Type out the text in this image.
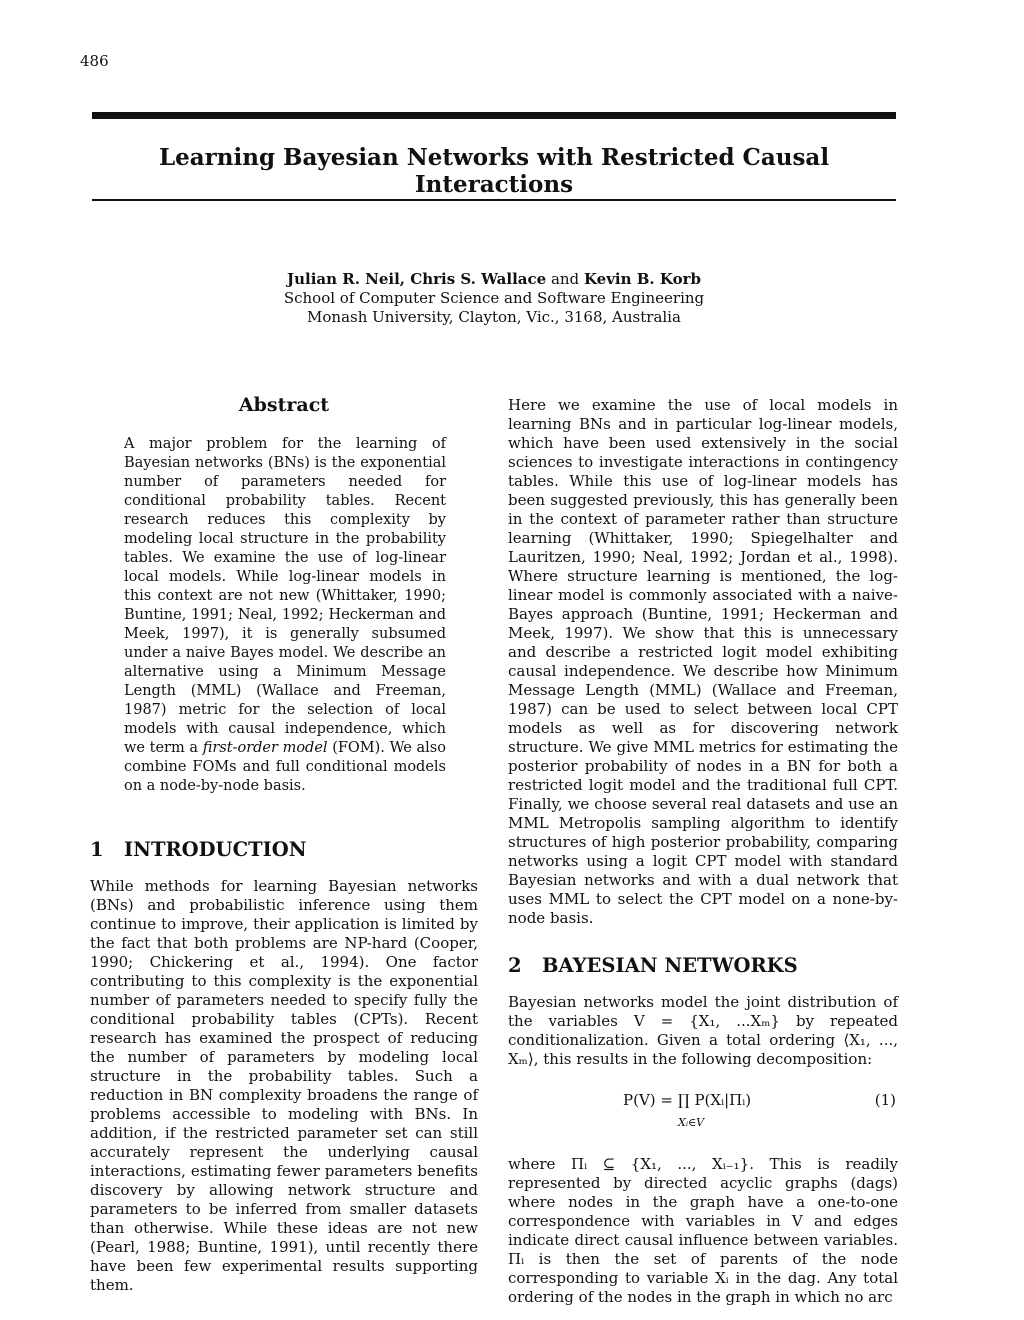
486
Learning Bayesian Networks with Restricted Causal Interactions
Julian R. Neil, Chris S. Wallace and Kevin B. Korb
School of Computer Science and Software Engineering
Monash University, Clayton, Vic., 3168, Australia
Abstract

A major problem for the learning of Bayesian networks (BNs) is the exponential number of parameters needed for conditional probability tables. Recent research reduces this complexity by modeling local structure in the probability tables. We examine the use of log-linear local models. While log-linear models in this context are not new (Whittaker, 1990; Buntine, 1991; Neal, 1992; Heckerman and Meek, 1997), it is generally subsumed under a naive Bayes model. We describe an alternative using a Minimum Message Length (MML) (Wallace and Freeman, 1987) metric for the selection of local models with causal independence, which we term a first-order model (FOM). We also combine FOMs and full conditional models on a node-by-node basis.

1 INTRODUCTION

While methods for learning Bayesian networks (BNs) and probabilistic inference using them continue to improve, their application is limited by the fact that both problems are NP-hard (Cooper, 1990; Chickering et al., 1994). One factor contributing to this complexity is the exponential number of parameters needed to specify fully the conditional probability tables (CPTs). Recent research has examined the prospect of reducing the number of parameters by modeling local structure in the probability tables. Such a reduction in BN complexity broadens the range of problems accessible to modeling with BNs. In addition, if the restricted parameter set can still accurately represent the underlying causal interactions, estimating fewer parameters benefits discovery by allowing network structure and parameters to be inferred from smaller datasets than otherwise. While these ideas are not new (Pearl, 1988; Buntine, 1991), until recently there have been few experimental results supporting them.

Here we examine the use of local models in learning BNs and in particular log-linear models, which have been used extensively in the social sciences to investigate interactions in contingency tables. While this use of log-linear models has been suggested previously, this has generally been in the context of parameter rather than structure learning (Whittaker, 1990; Spiegelhalter and Lauritzen, 1990; Neal, 1992; Jordan et al., 1998). Where structure learning is mentioned, the log-linear model is commonly associated with a naive-Bayes approach (Buntine, 1991; Heckerman and Meek, 1997). We show that this is unnecessary and describe a restricted logit model exhibiting causal independence. We describe how Minimum Message Length (MML) (Wallace and Freeman, 1987) can be used to select between local CPT models as well as for discovering network structure. We give MML metrics for estimating the posterior probability of nodes in a BN for both a restricted logit model and the traditional full CPT. Finally, we choose several real datasets and use an MML Metropolis sampling algorithm to identify structures of high posterior probability, comparing networks using a logit CPT model with standard Bayesian networks and with a dual network that uses MML to select the CPT model on a none-by-node basis.

2 BAYESIAN NETWORKS

Bayesian networks model the joint distribution of the variables V = {X₁, ...Xₘ} by repeated conditionalization. Given a total ordering ⟨X₁, ..., Xₘ⟩, this results in the following decomposition:

P(V) = ∏ P(Xᵢ|Πᵢ)
Xᵢ∈V
(1)

where Πᵢ ⊆ {X₁, ..., Xᵢ₋₁}. This is readily represented by directed acyclic graphs (dags) where nodes in the graph have a one-to-one correspondence with variables in V and edges indicate direct causal influence between variables. Πᵢ is then the set of parents of the node corresponding to variable Xᵢ in the dag. Any total ordering of the nodes in the graph in which no arc
